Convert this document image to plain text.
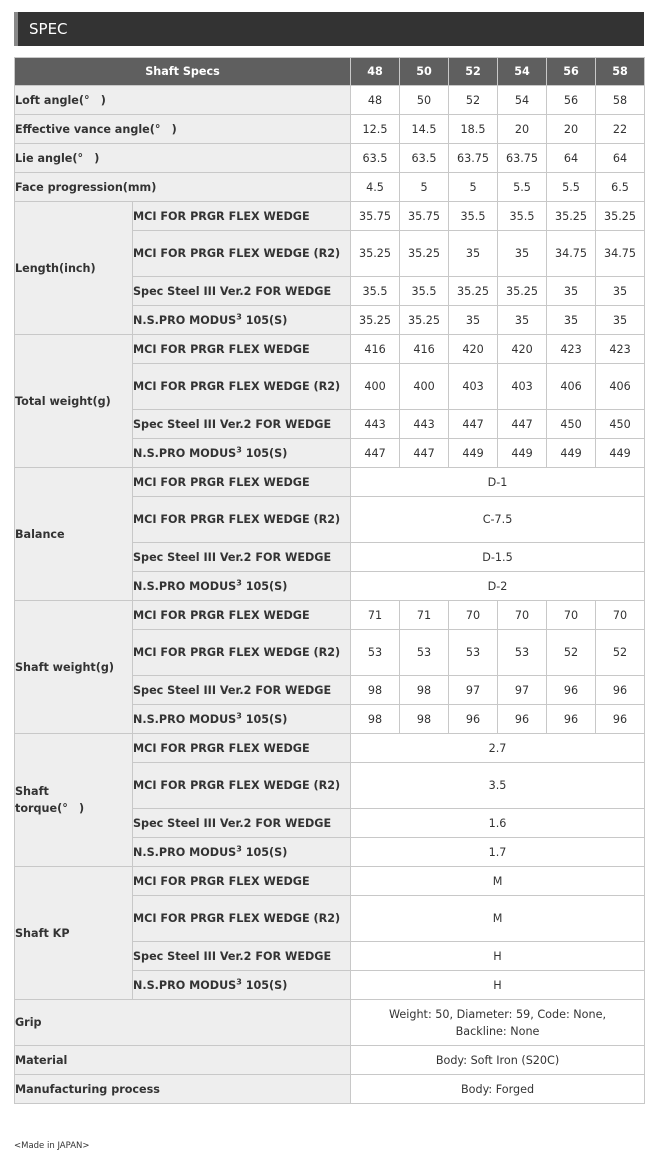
SPEC
Shaft Specs		48	50	52	54	56	58
Loft angle(°　)		48	50	52	54	56	58
Effective vance angle(°　)		12.5	14.5	18.5	20	20	22
Lie angle(°　)		63.5	63.5	63.75	63.75	64	64
Face progression(mm)		4.5	5	5	5.5	5.5	6.5
Length(inch)	MCI FOR PRGR FLEX WEDGE	35.75	35.75	35.5	35.5	35.25	35.25
	MCI FOR PRGR FLEX WEDGE (R2)	35.25	35.25	35	35	34.75	34.75
	Spec Steel III Ver.2 FOR WEDGE	35.5	35.5	35.25	35.25	35	35
	N.S.PRO MODUS$^3$ 105(S)	35.25	35.25	35	35	35	35
Total weight(g)	MCI FOR PRGR FLEX WEDGE	416	416	420	420	423	423
	MCI FOR PRGR FLEX WEDGE (R2)	400	400	403	403	406	406
	Spec Steel III Ver.2 FOR WEDGE	443	443	447	447	450	450
	N.S.PRO MODUS$^3$ 105(S)	447	447	449	449	449	449
Balance	MCI FOR PRGR FLEX WEDGE	D-1					
	MCI FOR PRGR FLEX WEDGE (R2)	C-7.5					
	Spec Steel III Ver.2 FOR WEDGE	D-1.5					
	N.S.PRO MODUS$^3$ 105(S)	D-2					
Shaft weight(g)	MCI FOR PRGR FLEX WEDGE	71	71	70	70	70	70
	MCI FOR PRGR FLEX WEDGE (R2)	53	53	53	53	52	52
	Spec Steel III Ver.2 FOR WEDGE	98	98	97	97	96	96
	N.S.PRO MODUS$^3$ 105(S)	98	98	96	96	96	96
Shaft torque(°　)	MCI FOR PRGR FLEX WEDGE	2.7					
	MCI FOR PRGR FLEX WEDGE (R2)	3.5					
	Spec Steel III Ver.2 FOR WEDGE	1.6					
	N.S.PRO MODUS$^3$ 105(S)	1.7					
Shaft KP	MCI FOR PRGR FLEX WEDGE	M					
	MCI FOR PRGR FLEX WEDGE (R2)	M					
	Spec Steel III Ver.2 FOR WEDGE	H					
	N.S.PRO MODUS$^3$ 105(S)	H					
Grip		Weight: 50, Diameter: 59, Code: None, Backline: None					
Material		Body: Soft Iron (S20C)					
Manufacturing process		Body: Forged					
<Made in JAPAN>
